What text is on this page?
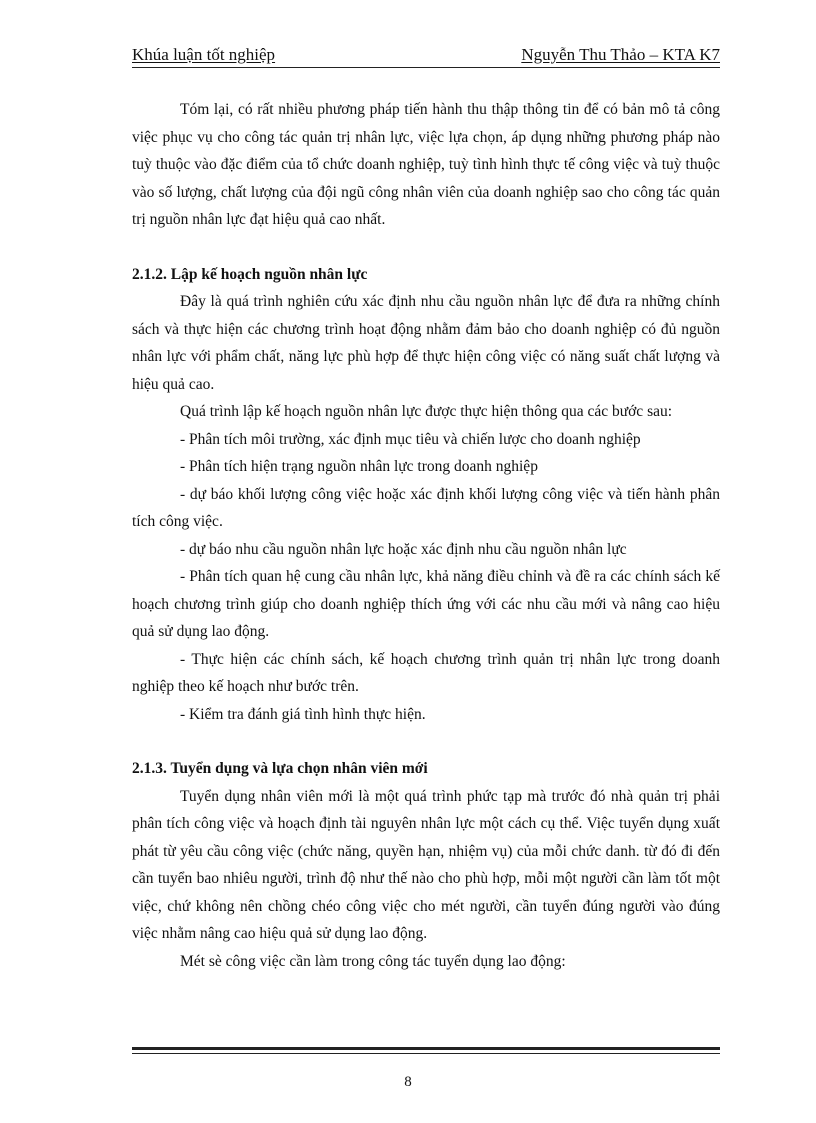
Khúa luận tốt nghiệp	Nguyễn Thu Thảo – KTA K7

Tóm lại, có rất nhiều phương pháp tiến hành thu thập thông tin để có bản mô tả công việc phục vụ cho công tác quản trị nhân lực, việc lựa chọn, áp dụng những phương pháp nào tuỳ thuộc vào đặc điểm của tổ chức doanh nghiệp, tuỳ tình hình thực tế công việc và tuỳ thuộc vào số lượng, chất lượng của đội ngũ công nhân viên của doanh nghiệp sao cho công tác quản trị nguồn nhân lực đạt hiệu quả cao nhất.

2.1.2. Lập kế hoạch nguồn nhân lực

Đây là quá trình nghiên cứu xác định nhu cầu nguồn nhân lực để đưa ra những chính sách và thực hiện các chương trình hoạt động nhằm đảm bảo cho doanh nghiệp có đủ nguồn nhân lực với phẩm chất, năng lực phù hợp để thực hiện công việc có năng suất chất lượng và hiệu quả cao.

Quá trình lập kế hoạch nguồn nhân lực được thực hiện thông qua các bước sau:

- Phân tích môi trường, xác định mục tiêu và chiến lược cho doanh nghiệp

- Phân tích hiện trạng nguồn nhân lực trong doanh nghiệp

- dự báo khối lượng công việc hoặc xác định khối lượng công việc và tiến hành phân tích công việc.

- dự báo nhu cầu nguồn nhân lực hoặc xác định nhu cầu nguồn nhân lực

- Phân tích quan hệ cung cầu nhân lực, khả năng điều chỉnh và đề ra các chính sách kế hoạch chương trình giúp cho doanh nghiệp thích ứng với các nhu cầu mới và nâng cao hiệu quả sử dụng lao động.

- Thực hiện các chính sách, kế hoạch chương trình quản trị nhân lực trong doanh nghiệp theo kế hoạch như bước trên.

- Kiểm tra đánh giá tình hình thực hiện.

2.1.3. Tuyển dụng và lựa chọn nhân viên mới

Tuyển dụng nhân viên mới là một quá trình phức tạp mà trước đó nhà quản trị phải phân tích công việc và hoạch định tài nguyên nhân lực một cách cụ thể. Việc tuyển dụng xuất phát từ yêu cầu công việc (chức năng, quyền hạn, nhiệm vụ) của mỗi chức danh. từ đó đi đến cần tuyển bao nhiêu người, trình độ như thế nào cho phù hợp, mỗi một người cần làm tốt một việc, chứ không nên chồng chéo công việc cho mét người, cần tuyển đúng người vào đúng việc nhằm nâng cao hiệu quả sử dụng lao động.

Mét sè công việc cần làm trong công tác tuyển dụng lao động:

8
